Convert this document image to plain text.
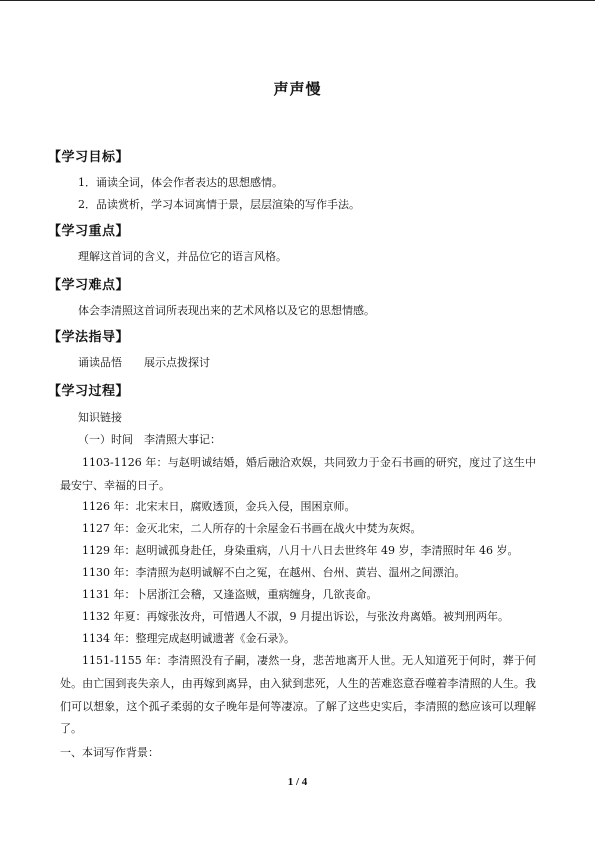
声声慢
【学习目标】
1．诵读全词，体会作者表达的思想感情。
2．品读赏析，学习本词寓情于景，层层渲染的写作手法。
【学习重点】
理解这首词的含义，并品位它的语言风格。
【学习难点】
体会李清照这首词所表现出来的艺术风格以及它的思想情感。
【学法指导】
诵读品悟　　展示点拨探讨
【学习过程】
知识链接
（一）时间　李清照大事记：
1103-1126 年：与赵明诚结婚，婚后融洽欢娱，共同致力于金石书画的研究，度过了这生中最安宁、幸福的日子。
1126 年：北宋末日，腐败透顶，金兵入侵，围困京师。
1127 年：金灭北宋，二人所存的十余屋金石书画在战火中焚为灰烬。
1129 年：赵明诚孤身赴任，身染重病，八月十八日去世终年 49 岁，李清照时年 46 岁。
1130 年：李清照为赵明诚解不白之冤，在越州、台州、黄岩、温州之间漂泊。
1131 年：卜居浙江会稽，又逢盗贼，重病缠身，几欲丧命。
1132 年夏：再嫁张汝舟，可惜遇人不淑，9 月提出诉讼，与张汝舟离婚。被判刑两年。
1134 年：整理完成赵明诚遗著《金石录》。
1151-1155 年：李清照没有子嗣，凄然一身，悲苦地离开人世。无人知道死于何时，葬于何处。由亡国到丧失亲人，由再嫁到离异，由入狱到悲死，人生的苦难恣意吞噬着李清照的人生。我们可以想象，这个孤孑柔弱的女子晚年是何等凄凉。了解了这些史实后，李清照的愁应该可以理解了。
一、本词写作背景：
1 / 4
